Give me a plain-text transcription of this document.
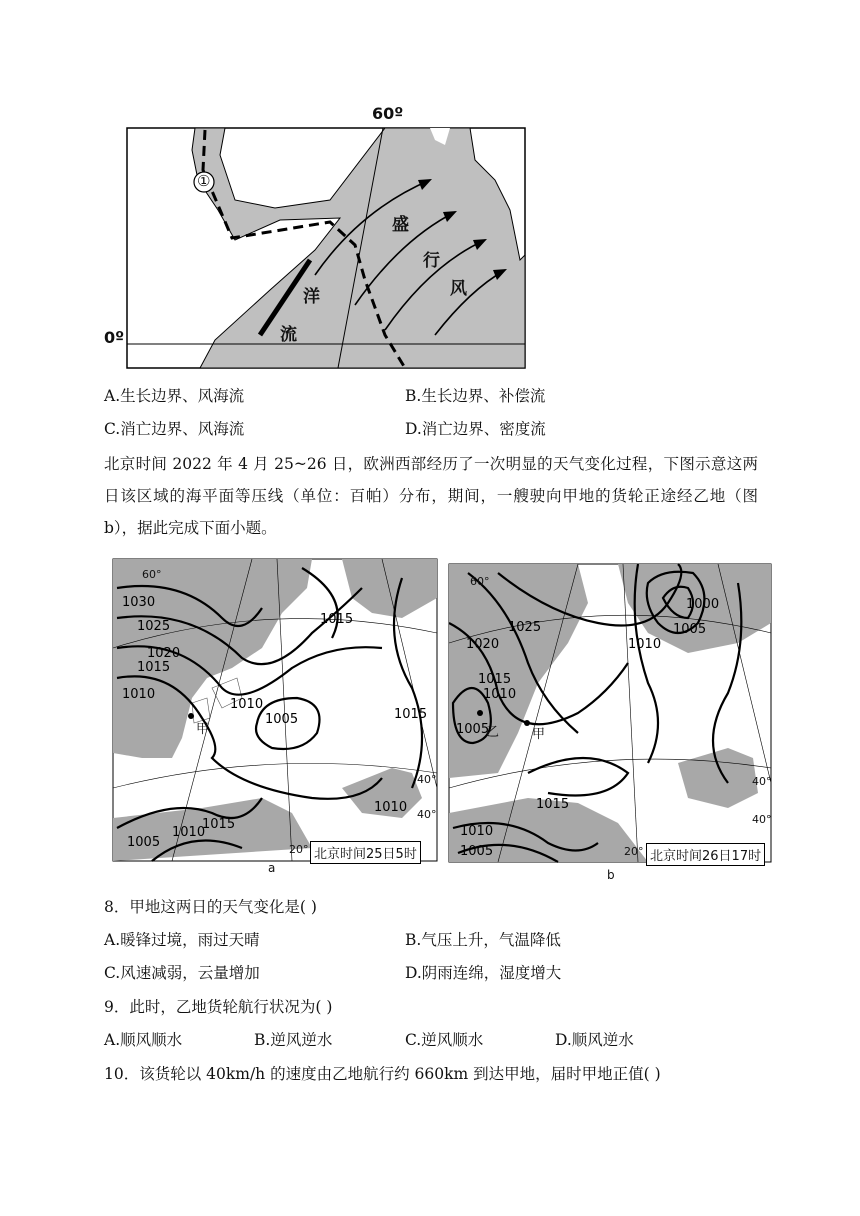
60º
0º
①
盛
行
风
洋
流
A.生长边界、风海流	B.生长边界、补偿流
C.消亡边界、风海流	D.消亡边界、密度流
北京时间 2022 年 4 月 25~26 日，欧洲西部经历了一次明显的天气变化过程，下图示意这两日该区域的海平面等压线（单位：百帕）分布，期间，一艘驶向甲地的货轮正途经乙地（图 b），据此完成下面小题。
1030
1025
1020
1015
1010
1010
1005
1015
1015
1010
1015
1010
1005
甲
60°
40°
20°
40°
北京时间25日5时
a
1020
1015
1025
1010
1005
1010
1005
1000
1015
1010
1005
甲
乙
60°
40°
20°
40°
北京时间26日17时
b
8．甲地这两日的天气变化是( )
A.暖锋过境，雨过天晴	B.气压上升，气温降低
C.风速减弱，云量增加	D.阴雨连绵，湿度增大
9．此时，乙地货轮航行状况为( )
A.顺风顺水	B.逆风逆水	C.逆风顺水	D.顺风逆水
10．该货轮以 40km/h 的速度由乙地航行约 660km 到达甲地，届时甲地正值( )
